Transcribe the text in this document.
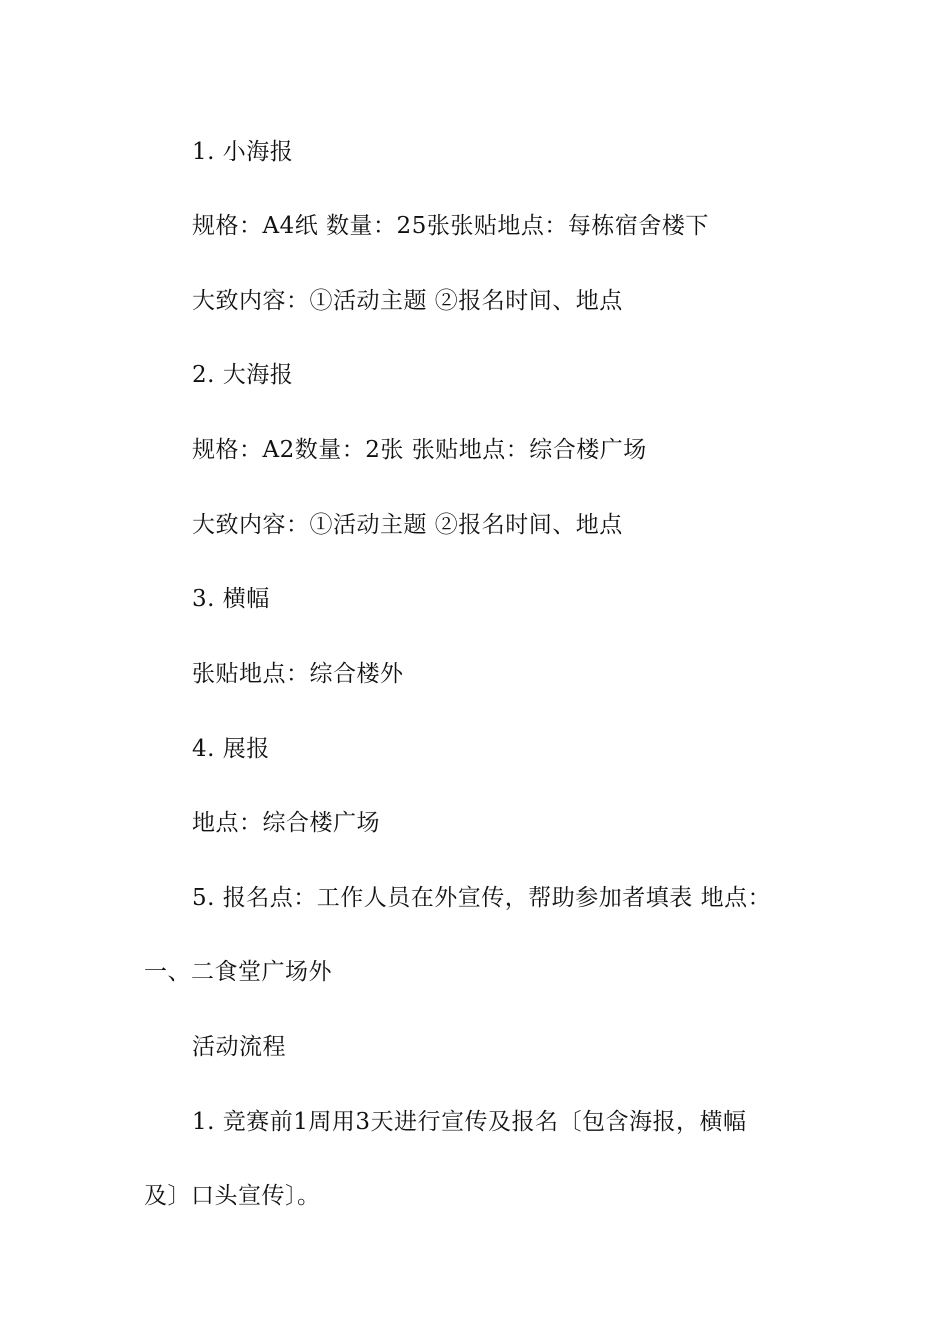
1. 小海报
规格：A4纸 数量：25张张贴地点：每栋宿舍楼下
大致内容：①活动主题 ②报名时间、地点
2. 大海报
规格：A2数量：2张 张贴地点：综合楼广场
大致内容：①活动主题 ②报名时间、地点
3. 横幅
张贴地点：综合楼外
4. 展报
地点：综合楼广场
5. 报名点：工作人员在外宣传，帮助参加者填表 地点：
一、二食堂广场外
活动流程
1. 竞赛前1周用3天进行宣传及报名〔包含海报，横幅
及〕口头宣传〕。
